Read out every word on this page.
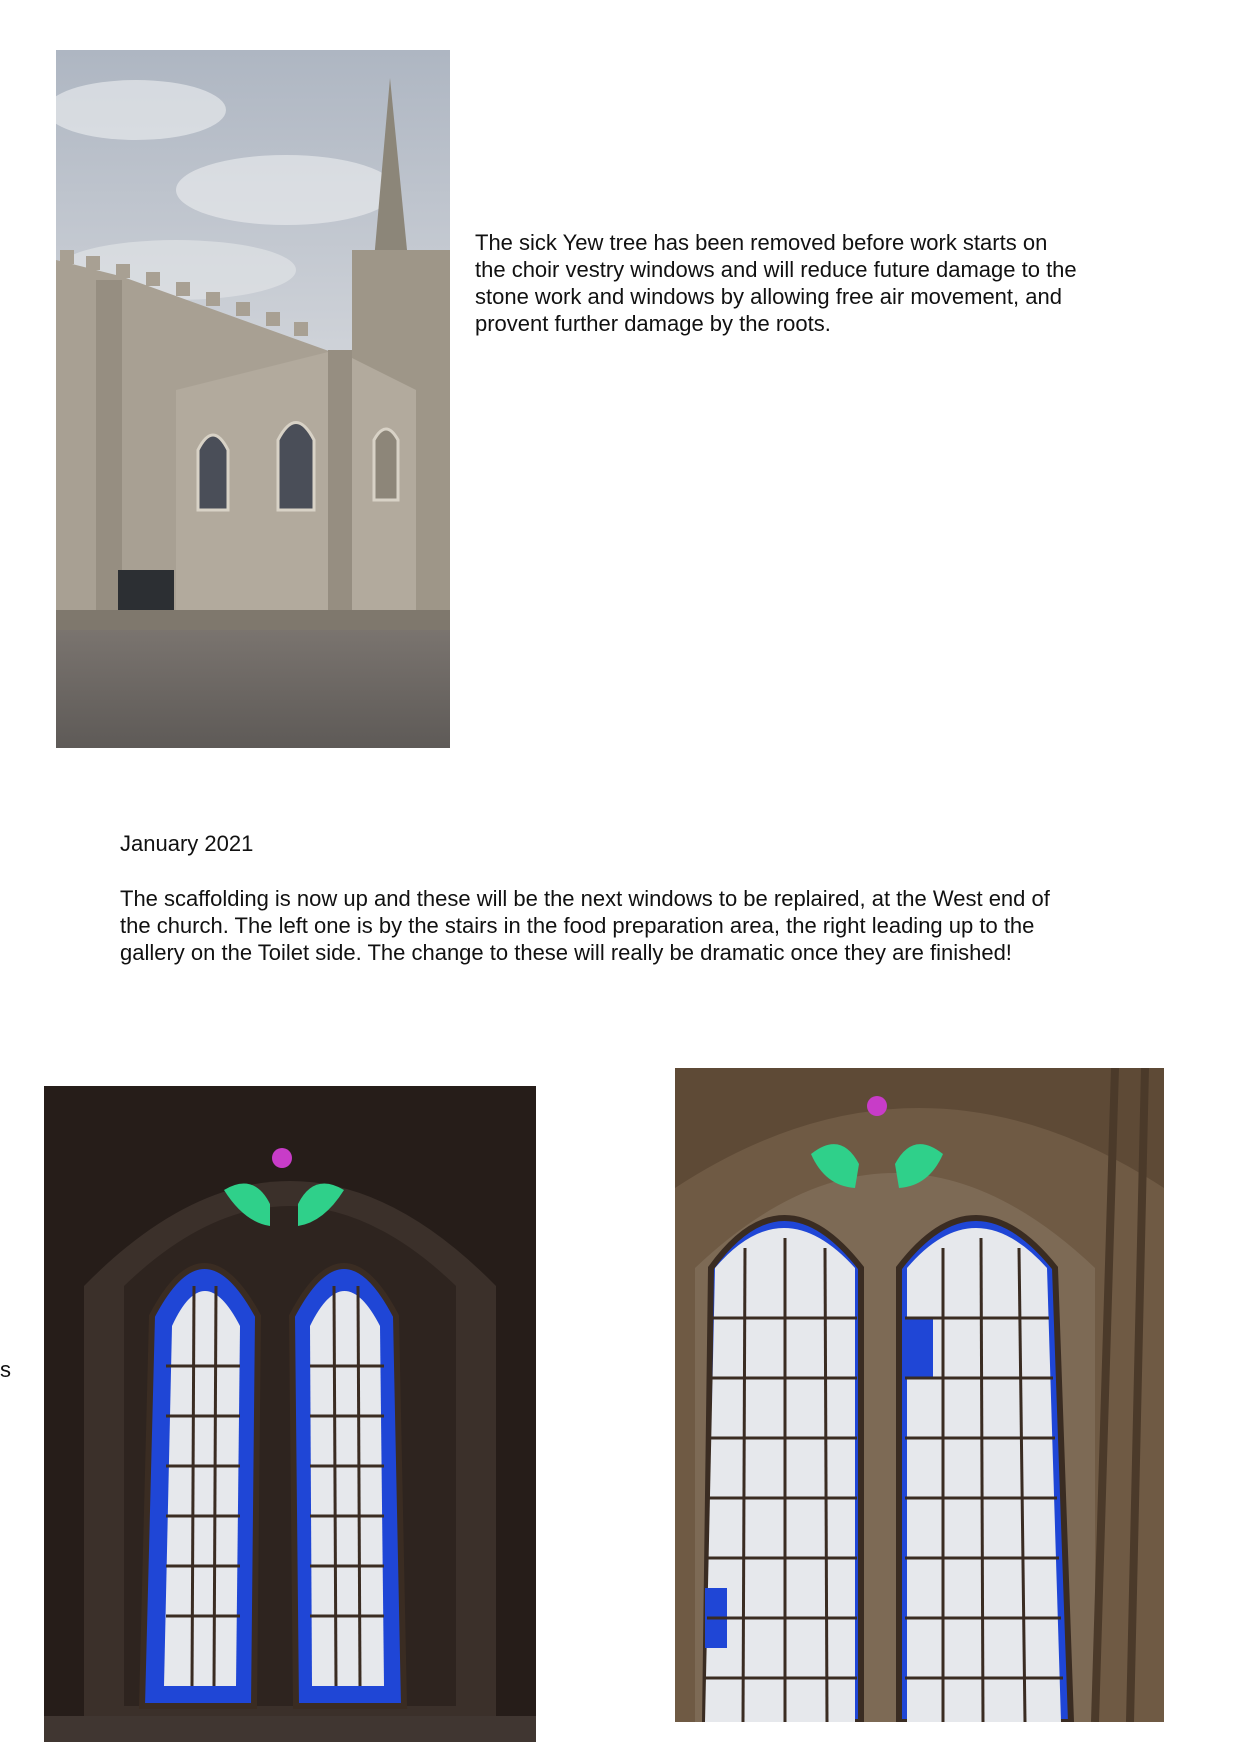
The sick Yew tree has been removed before work starts on
the choir vestry windows and will reduce future damage to the
stone work and windows by allowing free air movement, and
provent further damage by the roots.
January 2021
The scaffolding is now up and these will be the next windows to be replaired, at the West end of
the church. The left one is by the stairs in the food preparation area, the right leading up to the
gallery on the Toilet side. The change to these will really be dramatic once they are finished!
s
